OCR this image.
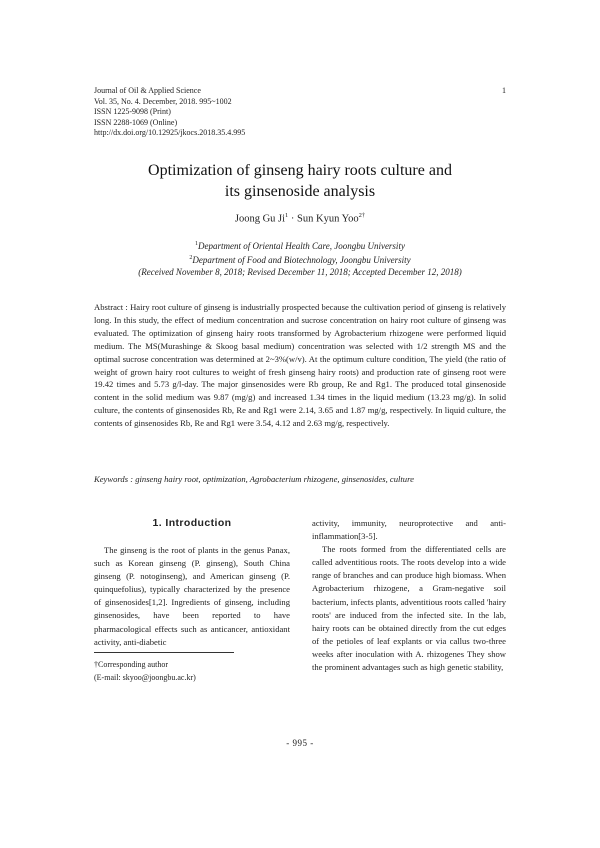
Journal of Oil & Applied Science
Vol. 35, No. 4. December, 2018. 995~1002
ISSN 1225-9098 (Print)
ISSN 2288-1069 (Online)
http://dx.doi.org/10.12925/jkocs.2018.35.4.995
1
Optimization of ginseng hairy roots culture and
its ginsenoside analysis
Joong Gu $Ji^1$ · Sun Kyun Yoo$^{2\dagger}$
$^1$Department of Oriental Health Care, Joongbu University
$^2$Department of Food and Biotechnology, Joongbu University
(Received November 8, 2018; Revised December 11, 2018; Accepted December 12, 2018)
Abstract : Hairy root culture of ginseng is industrially prospected because the cultivation period of ginseng is relatively long. In this study, the effect of medium concentration and sucrose concentration on hairy root culture of ginseng was evaluated. The optimization of ginseng hairy roots transformed by Agrobacterium rhizogene were performed liquid medium. The MS(Murashinge & Skoog basal medium) concentration was selected with 1/2 strength MS and the optimal sucrose concentration was determined at 2~3%(w/v). At the optimum culture condition, The yield (the ratio of weight of grown hairy root cultures to weight of fresh ginseng hairy roots) and production rate of ginseng root were 19.42 times and 5.73 g/l-day. The major ginsenosides were Rb group, Re and Rg1. The produced total ginsenoside content in the solid medium was 9.87 (mg/g) and increased 1.34 times in the liquid medium (13.23 mg/g). In solid culture, the contents of ginsenosides Rb, Re and Rg1 were 2.14, 3.65 and 1.87 mg/g, respectively. In liquid culture, the contents of ginsenosides Rb, Re and Rg1 were 3.54, 4.12 and 2.63 mg/g, respectively.
Keywords : ginseng hairy root, optimization, Agrobacterium rhizogene, ginsenosides, culture
1. Introduction

The ginseng is the root of plants in the genus Panax, such as Korean ginseng (P. ginseng), South China ginseng (P. notoginseng), and American ginseng (P. quinquefolius), typically characterized by the presence of ginsenosides[1,2]. Ingredients of ginseng, including ginsenosides, have been reported to have pharmacological effects such as anticancer, antioxidant activity, anti-diabetic

activity, immunity, neuroprotective and anti-inflammation[3-5].

The roots formed from the differentiated cells are called adventitious roots. The roots develop into a wide range of branches and can produce high biomass. When Agrobacterium rhizogene, a Gram-negative soil bacterium, infects plants, adventitious roots called 'hairy roots' are induced from the infected site. In the lab, hairy roots can be obtained directly from the cut edges of the petioles of leaf explants or via callus two-three weeks after inoculation with A. rhizogenes They show the prominent advantages such as high genetic stability,

†Corresponding author
(E-mail: skyoo@joongbu.ac.kr)
- 995 -
